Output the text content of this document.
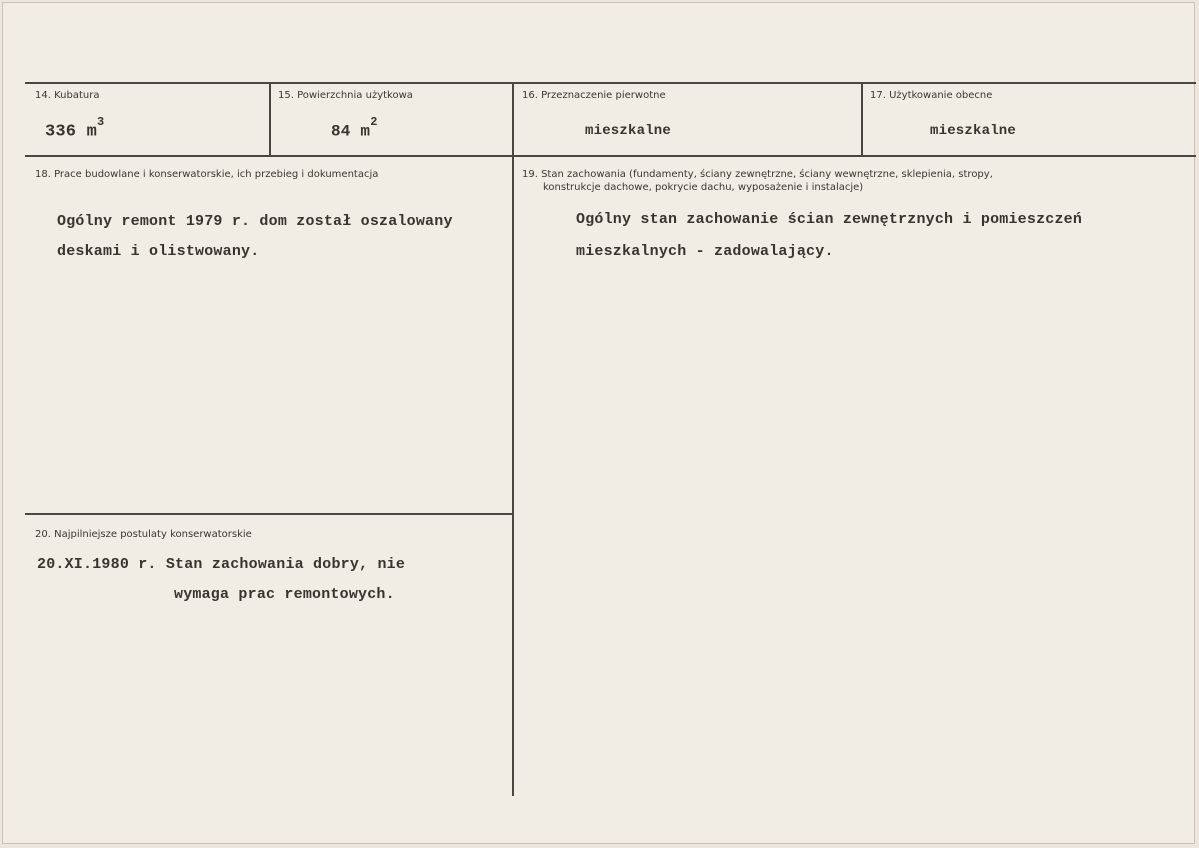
14. Kubatura
336 $m^3$
15. Powierzchnia użytkowa
84 $m^2$
16. Przeznaczenie pierwotne
mieszkalne
17. Użytkowanie obecne
mieszkalne
18. Prace budowlane i konserwatorskie, ich przebieg i dokumentacja
Ogólny remont 1979 r. dom został oszalowany
deskami i olistwowany.
19. Stan zachowania (fundamenty, ściany zewnętrzne, ściany wewnętrzne, sklepienia, stropy,
konstrukcje dachowe, pokrycie dachu, wyposażenie i instalacje)
Ogólny stan zachowanie ścian zewnętrznych i pomieszczeń
mieszkalnych - zadowalający.
20. Najpilniejsze postulaty konserwatorskie
20.XI.1980 r. Stan zachowania dobry, nie
wymaga prac remontowych.
